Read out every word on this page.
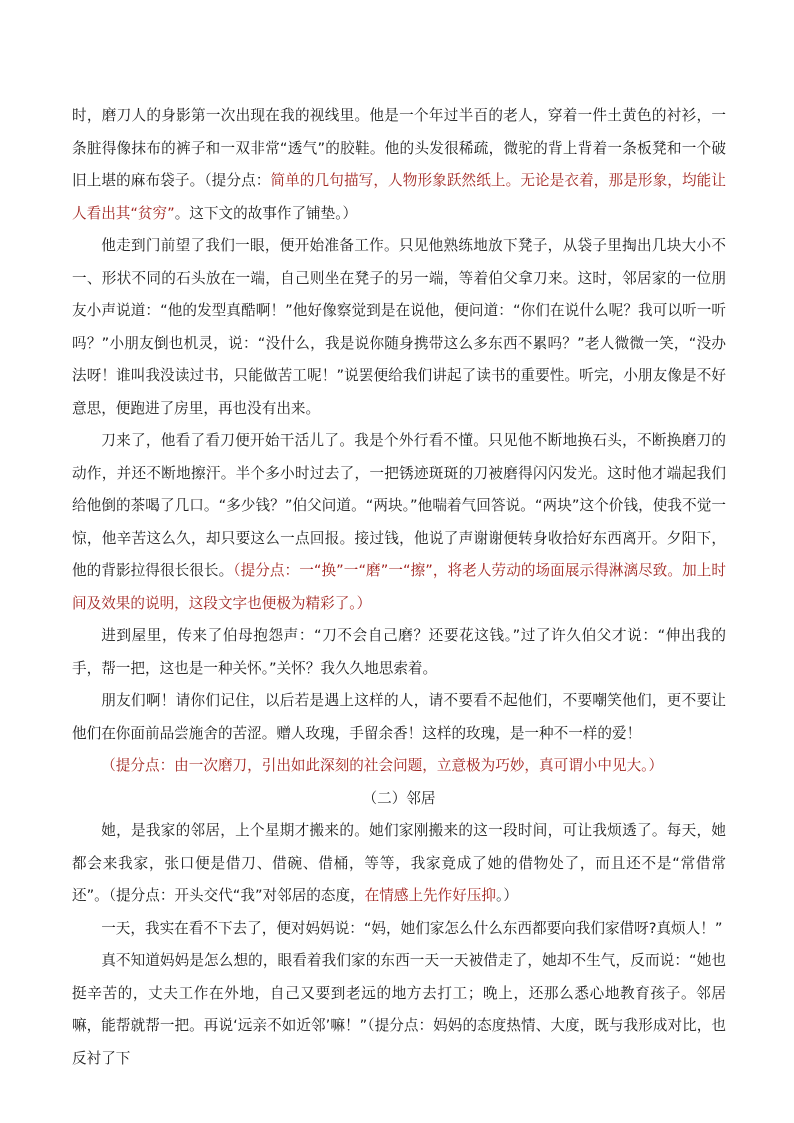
时，磨刀人的身影第一次出现在我的视线里。他是一个年过半百的老人，穿着一件土黄色的衬衫，一条脏得像抹布的裤子和一双非常“透气”的胶鞋。他的头发很稀疏，微驼的背上背着一条板凳和一个破旧上堪的麻布袋子。（提分点：简单的几句描写，人物形象跃然纸上。无论是衣着，那是形象，均能让人看出其“贫穷”。这下文的故事作了铺垫。）

他走到门前望了我们一眼，便开始准备工作。只见他熟练地放下凳子，从袋子里掏出几块大小不一、形状不同的石头放在一端，自己则坐在凳子的另一端，等着伯父拿刀来。这时，邻居家的一位朋友小声说道：“他的发型真酷啊！”他好像察觉到是在说他，便问道：“你们在说什么呢？我可以听一听吗？”小朋友倒也机灵，说：“没什么，我是说你随身携带这么多东西不累吗？”老人微微一笑，“没办法呀！谁叫我没读过书，只能做苦工呢！”说罢便给我们讲起了读书的重要性。听完，小朋友像是不好意思，便跑进了房里，再也没有出来。

刀来了，他看了看刀便开始干活儿了。我是个外行看不懂。只见他不断地换石头，不断换磨刀的动作，并还不断地擦汗。半个多小时过去了，一把锈迹斑斑的刀被磨得闪闪发光。这时他才端起我们给他倒的茶喝了几口。“多少钱？”伯父问道。“两块。”他喘着气回答说。“两块”这个价钱，使我不觉一惊，他辛苦这么久，却只要这么一点回报。接过钱，他说了声谢谢便转身收拾好东西离开。夕阳下，他的背影拉得很长很长。（提分点：一“换”一“磨”一“擦”，将老人劳动的场面展示得淋漓尽致。加上时间及效果的说明，这段文字也便极为精彩了。）

进到屋里，传来了伯母抱怨声：“刀不会自己磨？还要花这钱。”过了许久伯父才说：“伸出我的手，帮一把，这也是一种关怀。”关怀？我久久地思索着。

朋友们啊！请你们记住，以后若是遇上这样的人，请不要看不起他们，不要嘲笑他们，更不要让他们在你面前品尝施舍的苦涩。赠人玫瑰，手留余香！这样的玫瑰，是一种不一样的爱！

（提分点：由一次磨刀，引出如此深刻的社会问题，立意极为巧妙，真可谓小中见大。）

（二）邻居

她，是我家的邻居，上个星期才搬来的。她们家刚搬来的这一段时间，可让我烦透了。每天，她都会来我家，张口便是借刀、借碗、借桶，等等，我家竟成了她的借物处了，而且还不是“常借常还”。（提分点：开头交代“我”对邻居的态度，在情感上先作好压抑。）

一天，我实在看不下去了，便对妈妈说：“妈，她们家怎么什么东西都要向我们家借呀?真烦人！”

真不知道妈妈是怎么想的，眼看着我们家的东西一天一天被借走了，她却不生气，反而说：“她也挺辛苦的，丈夫工作在外地，自己又要到老远的地方去打工；晚上，还那么悉心地教育孩子。邻居嘛，能帮就帮一把。再说‘远亲不如近邻’嘛！”（提分点：妈妈的态度热情、大度，既与我形成对比，也反衬了下
